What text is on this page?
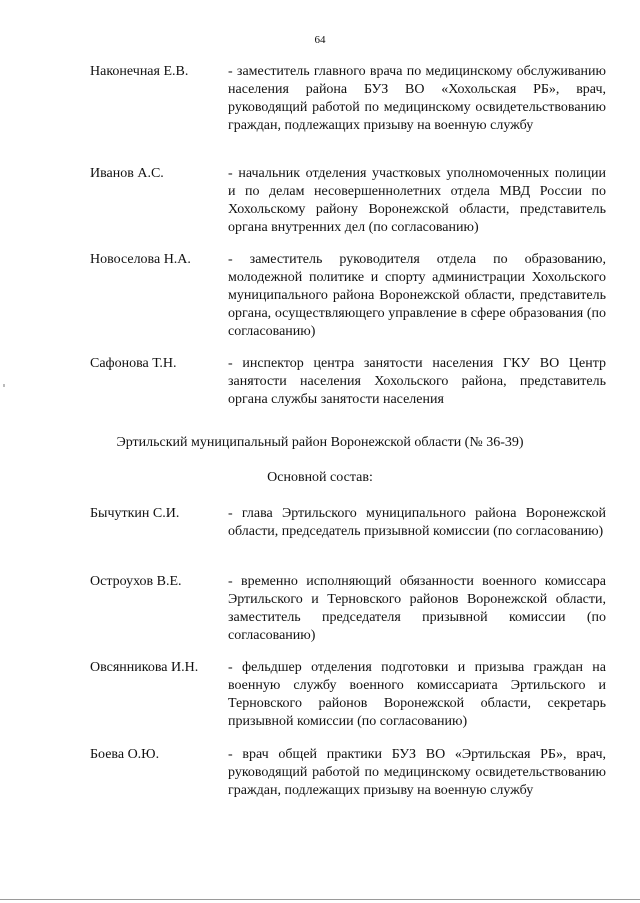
64
Наконечная Е.В.	- заместитель главного врача по медицинскому обслуживанию населения района БУЗ ВО «Хохольская РБ», врач, руководящий работой по медицинскому освидетельствованию граждан, подлежащих призыву на военную службу
Иванов А.С.	- начальник отделения участковых уполномоченных полиции и по делам несовершеннолетних отдела МВД России по Хохольскому району Воронежской области, представитель органа внутренних дел (по согласованию)
Новоселова Н.А.	- заместитель руководителя отдела по образованию, молодежной политике и спорту администрации Хохольского муниципального района Воронежской области, представитель органа, осуществляющего управление в сфере образования (по согласованию)
Сафонова Т.Н.	- инспектор центра занятости населения ГКУ ВО Центр занятости населения Хохольского района, представитель органа службы занятости населения
Эртильский муниципальный район Воронежской области (№ 36-39)
Основной состав:
Бычуткин С.И.	- глава Эртильского муниципального района Воронежской области, председатель призывной комиссии (по согласованию)
Остроухов В.Е.	- временно исполняющий обязанности военного комиссара Эртильского и Терновского районов Воронежской области, заместитель председателя призывной комиссии (по согласованию)
Овсянникова И.Н.	- фельдшер отделения подготовки и призыва граждан на военную службу военного комиссариата Эртильского и Терновского районов Воронежской области, секретарь призывной комиссии (по согласованию)
Боева О.Ю.	- врач общей практики БУЗ ВО «Эртильская РБ», врач, руководящий работой по медицинскому освидетельствованию граждан, подлежащих призыву на военную службу
